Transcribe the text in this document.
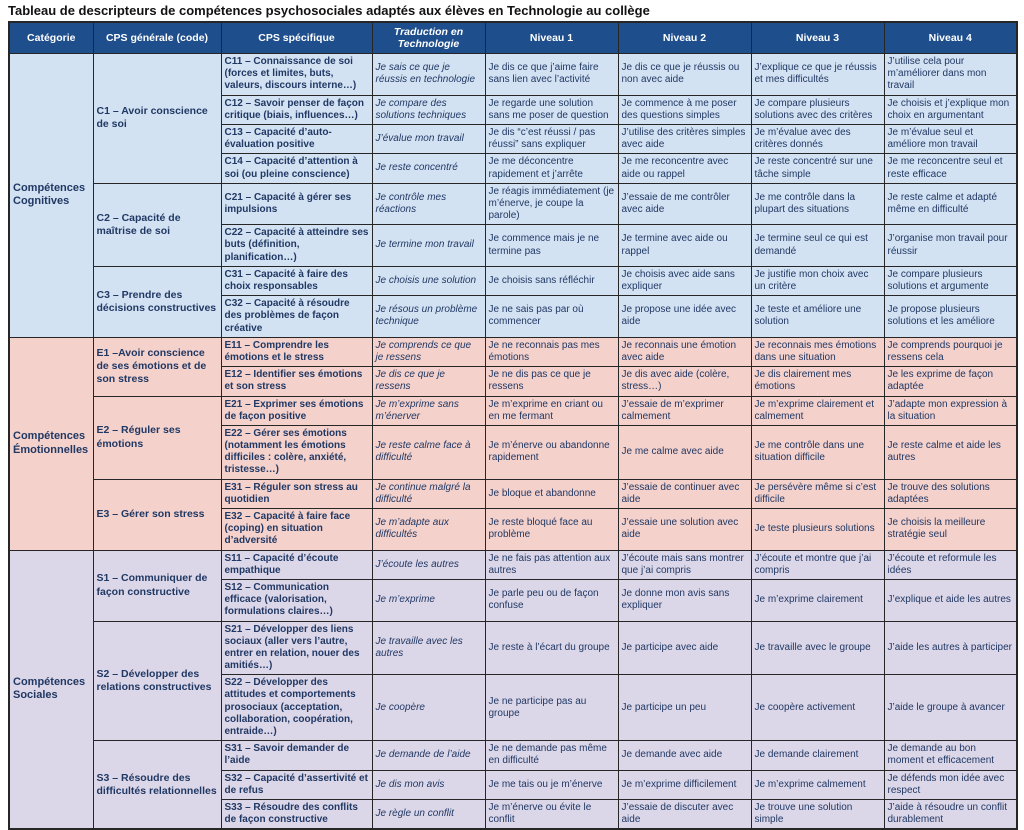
Tableau de descripteurs de compétences psychosociales adaptés aux élèves en Technologie au collège
Catégorie	CPS générale (code)	CPS spécifique	Traduction en Technologie	Niveau 1	Niveau 2	Niveau 3	Niveau 4
Compétences Cognitives	C1 – Avoir conscience de soi	C11 – Connaissance de soi (forces et limites, buts, valeurs, discours interne…)	Je sais ce que je réussis en technologie	Je dis ce que j’aime faire sans lien avec l’activité	Je dis ce que je réussis ou non avec aide	J’explique ce que je réussis et mes difficultés	J’utilise cela pour m’améliorer dans mon travail
		C12 – Savoir penser de façon critique (biais, influences…)	Je compare des solutions techniques	Je regarde une solution sans me poser de question	Je commence à me poser des questions simples	Je compare plusieurs solutions avec des critères	Je choisis et j’explique mon choix en argumentant
		C13 – Capacité d’auto-évaluation positive	J’évalue mon travail	Je dis “c’est réussi / pas réussi” sans expliquer	J’utilise des critères simples avec aide	Je m’évalue avec des critères donnés	Je m’évalue seul et améliore mon travail
		C14 – Capacité d’attention à soi (ou pleine conscience)	Je reste concentré	Je me déconcentre rapidement et j’arrête	Je me reconcentre avec aide ou rappel	Je reste concentré sur une tâche simple	Je me reconcentre seul et reste efficace
	C2 – Capacité de maîtrise de soi	C21 – Capacité à gérer ses impulsions	Je contrôle mes réactions	Je réagis immédiatement (je m’énerve, je coupe la parole)	J’essaie de me contrôler avec aide	Je me contrôle dans la plupart des situations	Je reste calme et adapté même en difficulté
		C22 – Capacité à atteindre ses buts (définition, planification…)	Je termine mon travail	Je commence mais je ne termine pas	Je termine avec aide ou rappel	Je termine seul ce qui est demandé	J’organise mon travail pour réussir
	C3 – Prendre des décisions constructives	C31 – Capacité à faire des choix responsables	Je choisis une solution	Je choisis sans réfléchir	Je choisis avec aide sans expliquer	Je justifie mon choix avec un critère	Je compare plusieurs solutions et argumente
		C32 – Capacité à résoudre des problèmes de façon créative	Je résous un problème technique	Je ne sais pas par où commencer	Je propose une idée avec aide	Je teste et améliore une solution	Je propose plusieurs solutions et les améliore
Compétences Émotionnelles	E1 –Avoir conscience de ses émotions et de son stress	E11 – Comprendre les émotions et le stress	Je comprends ce que je ressens	Je ne reconnais pas mes émotions	Je reconnais une émotion avec aide	Je reconnais mes émotions dans une situation	Je comprends pourquoi je ressens cela
		E12 – Identifier ses émotions et son stress	Je dis ce que je ressens	Je ne dis pas ce que je ressens	Je dis avec aide (colère, stress…)	Je dis clairement mes émotions	Je les exprime de façon adaptée
	E2 – Réguler ses émotions	E21 – Exprimer ses émotions de façon positive	Je m’exprime sans m’énerver	Je m’exprime en criant ou en me fermant	J’essaie de m’exprimer calmement	Je m’exprime clairement et calmement	J’adapte mon expression à la situation
		E22 – Gérer ses émotions (notamment les émotions difficiles : colère, anxiété, tristesse…)	Je reste calme face à difficulté	Je m’énerve ou abandonne rapidement	Je me calme avec aide	Je me contrôle dans une situation difficile	Je reste calme et aide les autres
	E3 – Gérer son stress	E31 – Réguler son stress au quotidien	Je continue malgré la difficulté	Je bloque et abandonne	J’essaie de continuer avec aide	Je persévère même si c’est difficile	Je trouve des solutions adaptées
		E32 – Capacité à faire face (coping) en situation d’adversité	Je m’adapte aux difficultés	Je reste bloqué face au problème	J’essaie une solution avec aide	Je teste plusieurs solutions	Je choisis la meilleure stratégie seul
Compétences Sociales	S1 – Communiquer de façon constructive	S11 – Capacité d’écoute empathique	J’écoute les autres	Je ne fais pas attention aux autres	J’écoute mais sans montrer que j’ai compris	J’écoute et montre que j’ai compris	J’écoute et reformule les idées
		S12 – Communication efficace (valorisation, formulations claires…)	Je m’exprime	Je parle peu ou de façon confuse	Je donne mon avis sans expliquer	Je m’exprime clairement	J’explique et aide les autres
	S2 – Développer des relations constructives	S21 – Développer des liens sociaux (aller vers l’autre, entrer en relation, nouer des amitiés…)	Je travaille avec les autres	Je reste à l’écart du groupe	Je participe avec aide	Je travaille avec le groupe	J’aide les autres à participer
		S22 – Développer des attitudes et comportements prosociaux (acceptation, collaboration, coopération, entraide…)	Je coopère	Je ne participe pas au groupe	Je participe un peu	Je coopère activement	J’aide le groupe à avancer
	S3 – Résoudre des difficultés relationnelles	S31 – Savoir demander de l’aide	Je demande de l’aide	Je ne demande pas même en difficulté	Je demande avec aide	Je demande clairement	Je demande au bon moment et efficacement
		S32 – Capacité d’assertivité et de refus	Je dis mon avis	Je me tais ou je m’énerve	Je m’exprime difficilement	Je m’exprime calmement	Je défends mon idée avec respect
		S33 – Résoudre des conflits de façon constructive	Je règle un conflit	Je m’énerve ou évite le conflit	J’essaie de discuter avec aide	Je trouve une solution simple	J’aide à résoudre un conflit durablement
